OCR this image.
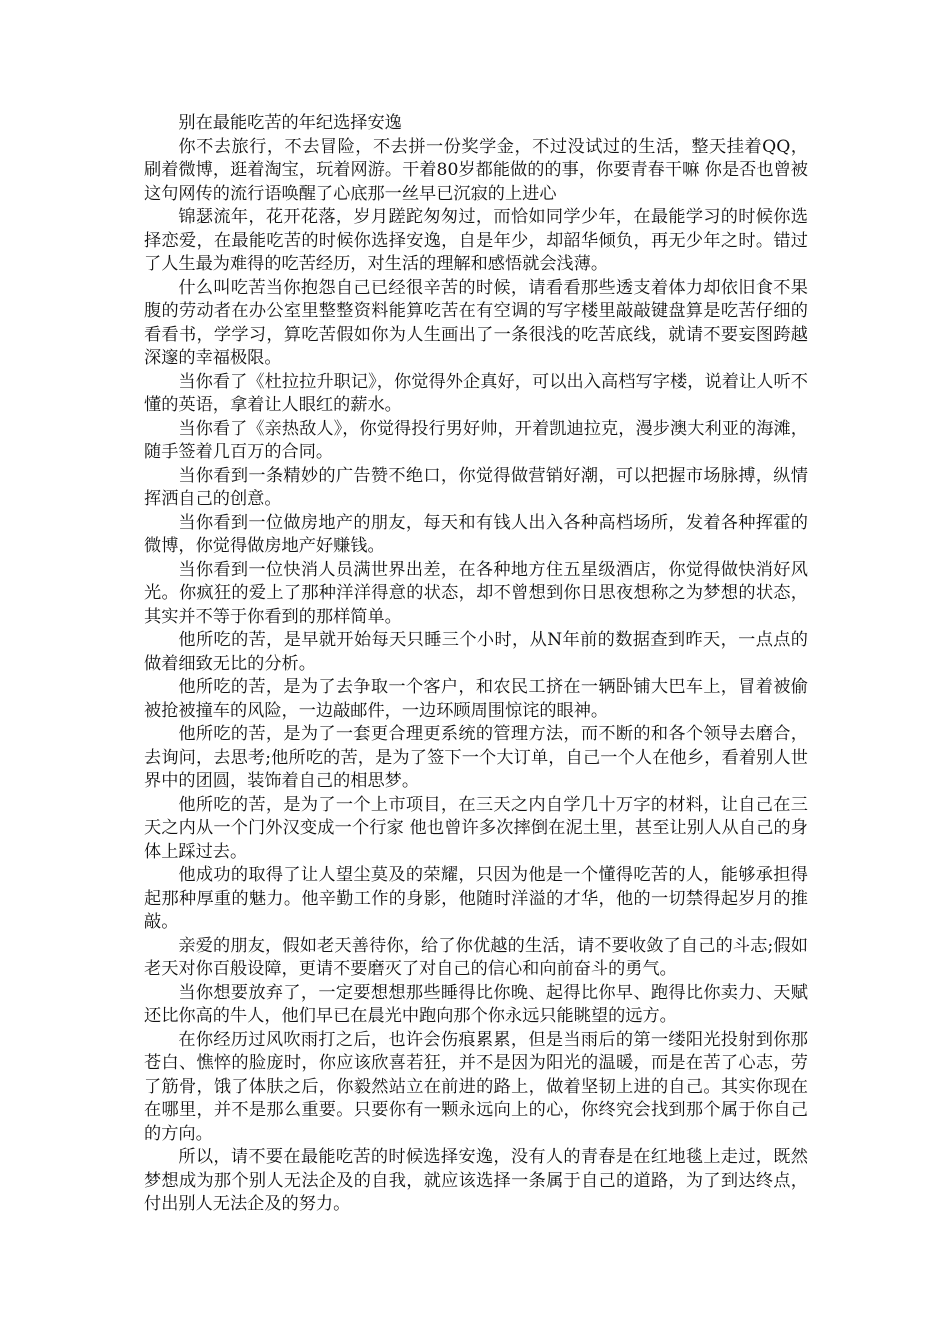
别在最能吃苦的年纪选择安逸

你不去旅行，不去冒险，不去拼一份奖学金，不过没试过的生活，整天挂着QQ，刷着微博，逛着淘宝，玩着网游。干着80岁都能做的的事，你要青春干嘛 你是否也曾被这句网传的流行语唤醒了心底那一丝早已沉寂的上进心

锦瑟流年，花开花落，岁月蹉跎匆匆过，而恰如同学少年，在最能学习的时候你选择恋爱，在最能吃苦的时候你选择安逸，自是年少，却韶华倾负，再无少年之时。错过了人生最为难得的吃苦经历，对生活的理解和感悟就会浅薄。

什么叫吃苦当你抱怨自己已经很辛苦的时候，请看看那些透支着体力却依旧食不果腹的劳动者在办公室里整整资料能算吃苦在有空调的写字楼里敲敲键盘算是吃苦仔细的看看书，学学习，算吃苦假如你为人生画出了一条很浅的吃苦底线，就请不要妄图跨越深邃的幸福极限。

当你看了《杜拉拉升职记》，你觉得外企真好，可以出入高档写字楼，说着让人听不懂的英语，拿着让人眼红的薪水。

当你看了《亲热敌人》，你觉得投行男好帅，开着凯迪拉克，漫步澳大利亚的海滩，随手签着几百万的合同。

当你看到一条精妙的广告赞不绝口，你觉得做营销好潮，可以把握市场脉搏，纵情挥洒自己的创意。

当你看到一位做房地产的朋友，每天和有钱人出入各种高档场所，发着各种挥霍的微博，你觉得做房地产好赚钱。

当你看到一位快消人员满世界出差，在各种地方住五星级酒店，你觉得做快消好风光。你疯狂的爱上了那种洋洋得意的状态，却不曾想到你日思夜想称之为梦想的状态，其实并不等于你看到的那样简单。

他所吃的苦，是早就开始每天只睡三个小时，从N年前的数据查到昨天，一点点的做着细致无比的分析。

他所吃的苦，是为了去争取一个客户，和农民工挤在一辆卧铺大巴车上，冒着被偷被抢被撞车的风险，一边敲邮件，一边环顾周围惊诧的眼神。

他所吃的苦，是为了一套更合理更系统的管理方法，而不断的和各个领导去磨合，去询问，去思考;他所吃的苦，是为了签下一个大订单，自己一个人在他乡，看着别人世界中的团圆，装饰着自己的相思梦。

他所吃的苦，是为了一个上市项目，在三天之内自学几十万字的材料，让自己在三天之内从一个门外汉变成一个行家 他也曾许多次摔倒在泥土里，甚至让别人从自己的身体上踩过去。

他成功的取得了让人望尘莫及的荣耀，只因为他是一个懂得吃苦的人，能够承担得起那种厚重的魅力。他辛勤工作的身影，他随时洋溢的才华，他的一切禁得起岁月的推敲。

亲爱的朋友，假如老天善待你，给了你优越的生活，请不要收敛了自己的斗志;假如老天对你百般设障，更请不要磨灭了对自己的信心和向前奋斗的勇气。

当你想要放弃了，一定要想想那些睡得比你晚、起得比你早、跑得比你卖力、天赋还比你高的牛人，他们早已在晨光中跑向那个你永远只能眺望的远方。

在你经历过风吹雨打之后，也许会伤痕累累，但是当雨后的第一缕阳光投射到你那苍白、憔悴的脸庞时，你应该欣喜若狂，并不是因为阳光的温暖，而是在苦了心志，劳了筋骨，饿了体肤之后，你毅然站立在前进的路上，做着坚韧上进的自己。其实你现在在哪里，并不是那么重要。只要你有一颗永远向上的心，你终究会找到那个属于你自己的方向。

所以，请不要在最能吃苦的时候选择安逸，没有人的青春是在红地毯上走过，既然梦想成为那个别人无法企及的自我，就应该选择一条属于自己的道路，为了到达终点，付出别人无法企及的努力。
